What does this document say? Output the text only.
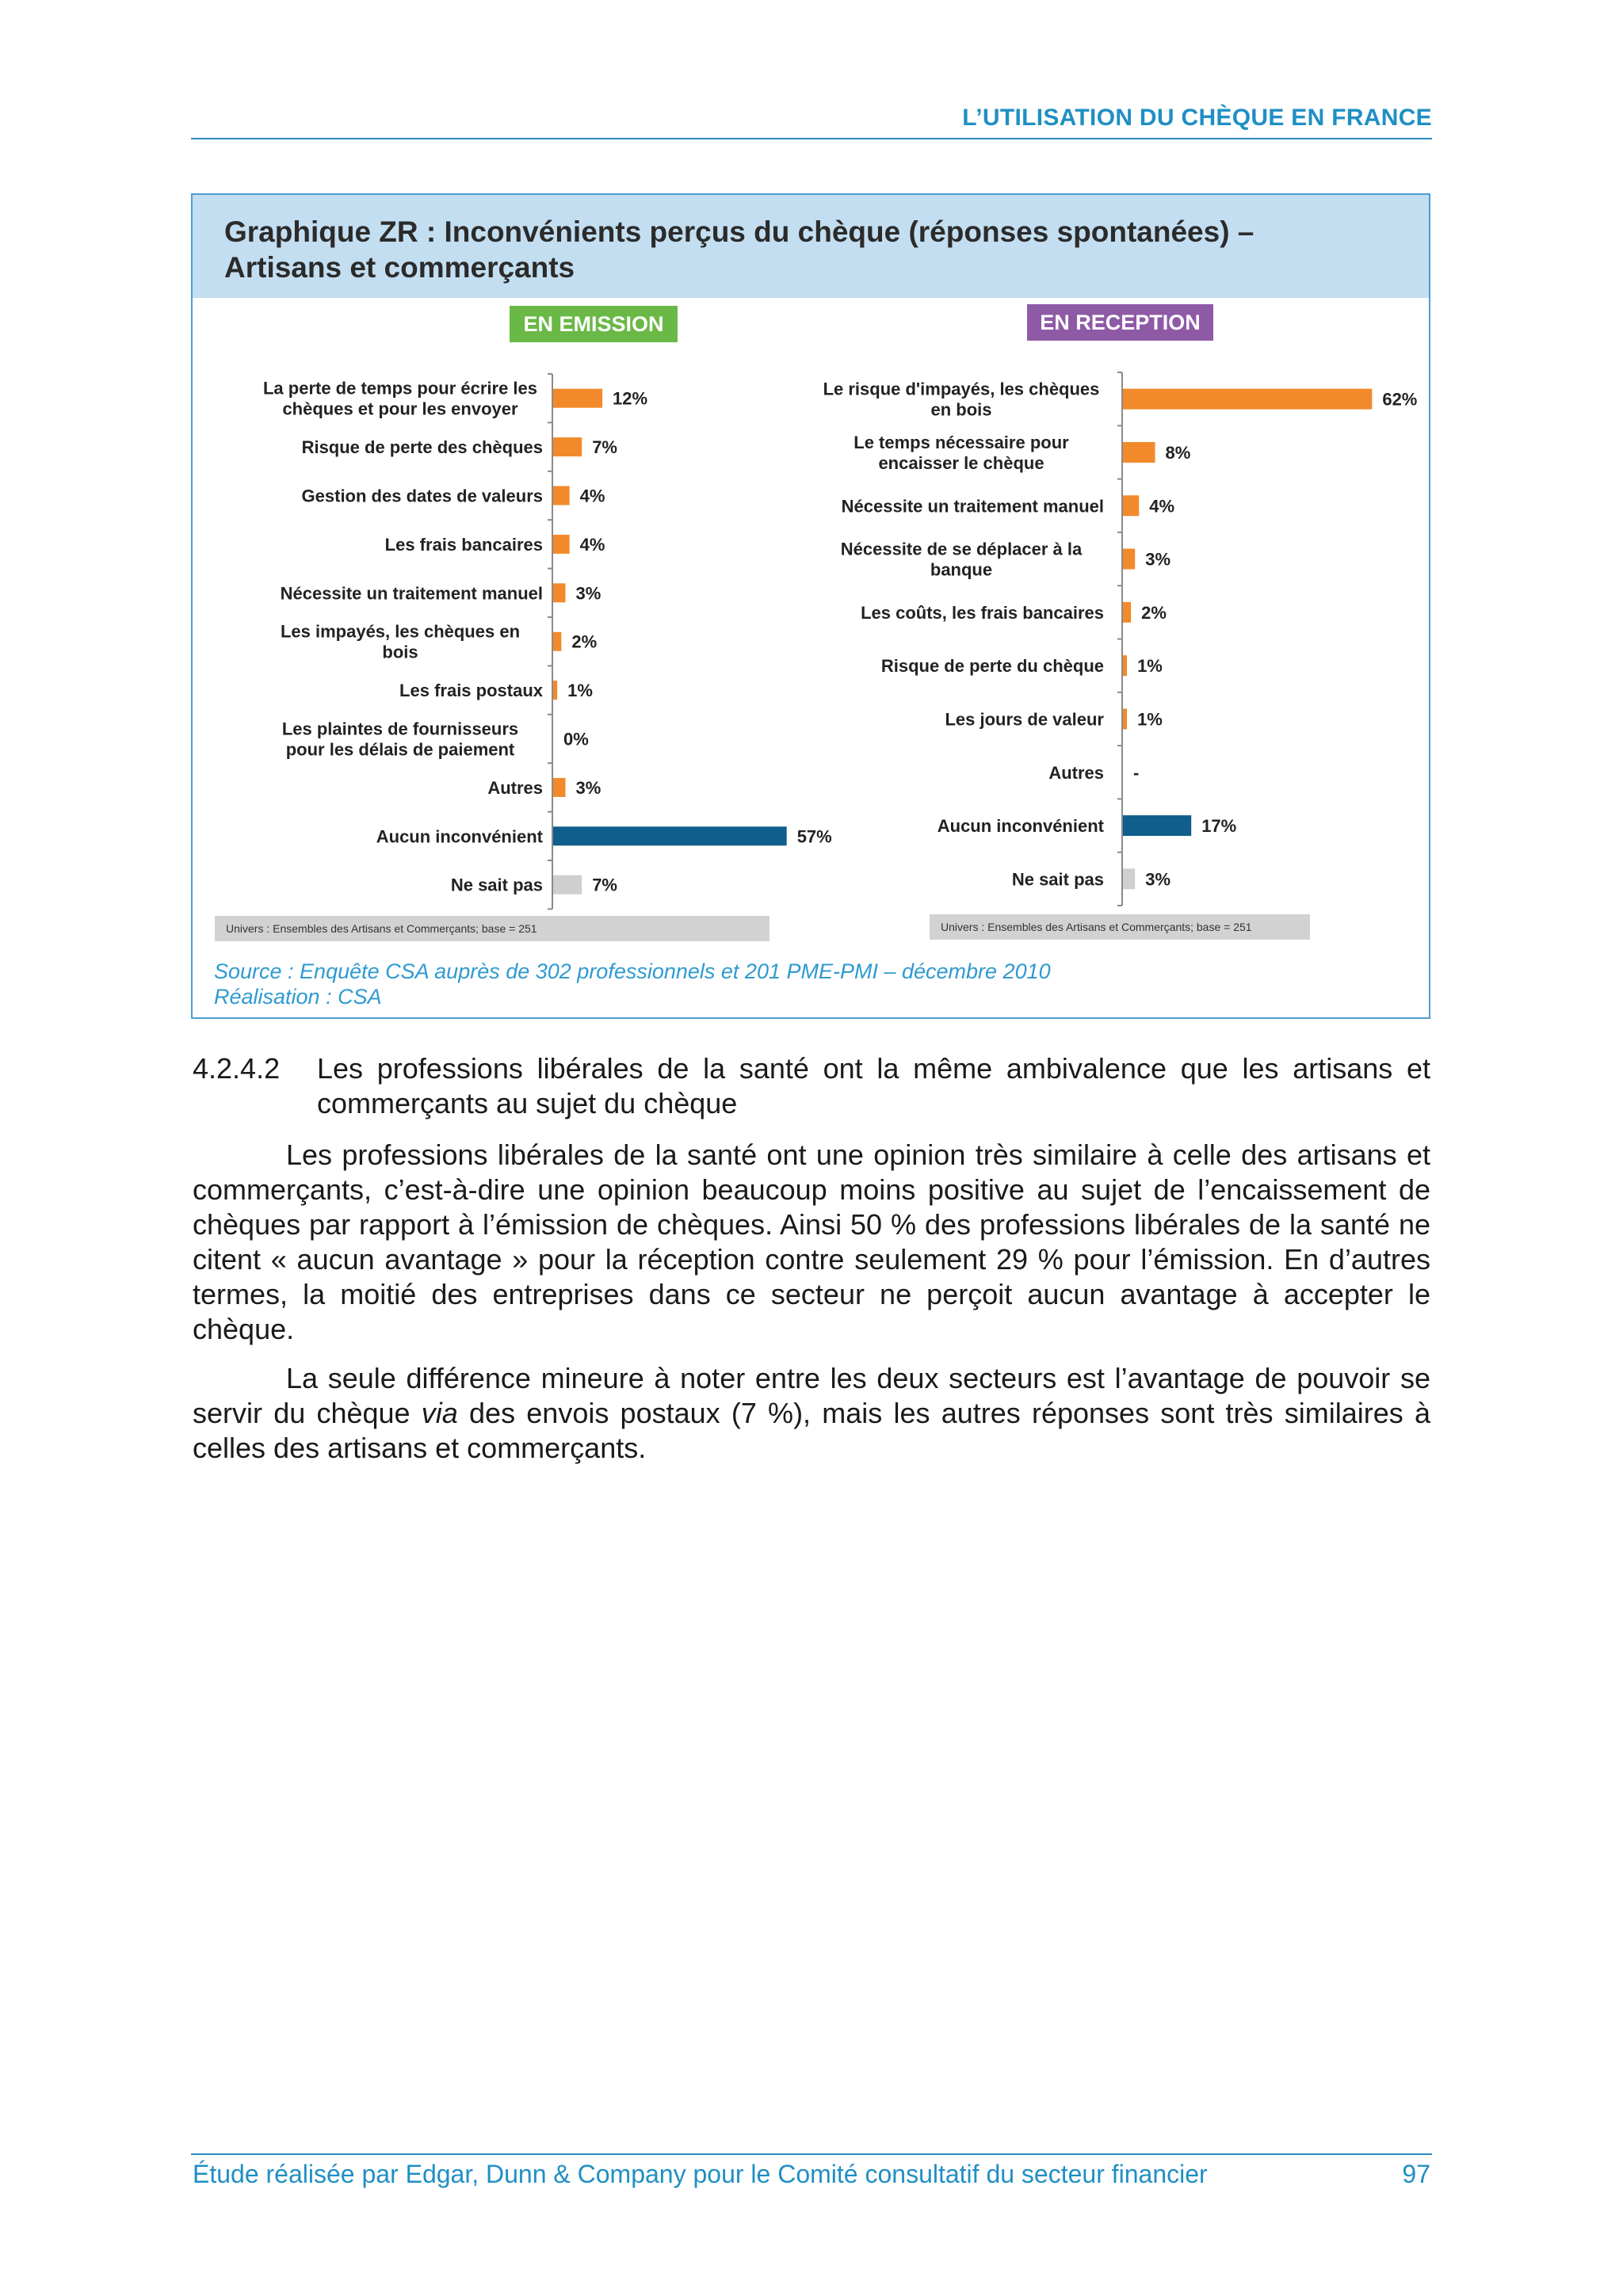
L’UTILISATION DU CHÈQUE EN FRANCE
Graphique ZR : Inconvénients perçus du chèque (réponses spontanées) – Artisans et commerçants
12%
La perte de temps pour écrire les chèques et pour les envoyer
7%
Risque de perte des chèques
4%
Gestion des dates de valeurs
4%
Les frais bancaires
3%
Nécessite un traitement manuel
2%
Les impayés, les chèques en bois
1%
Les frais postaux
0%
Les plaintes de fournisseurs pour les délais de paiement
3%
Autres
57%
Aucun inconvénient
7%
Ne sait pas
62%
Le risque d'impayés, les chèques en bois
8%
Le temps nécessaire pour encaisser le chèque
4%
Nécessite un traitement manuel
3%
Nécessite de se déplacer à la banque
2%
Les coûts, les frais bancaires
1%
Risque de perte du chèque
1%
Les jours de valeur
-
Autres
17%
Aucun inconvénient
3%
Ne sait pas
EN EMISSION	EN RECEPTION
Univers : Ensembles des Artisans et Commerçants; base = 251	Univers : Ensembles des Artisans et Commerçants; base = 251
Source : Enquête CSA auprès de 302 professionnels et 201 PME-PMI – décembre 2010
Réalisation : CSA
4.2.4.2 Les professions libérales de la santé ont la même ambivalence que les artisans et commerçants au sujet du chèque
Les professions libérales de la santé ont une opinion très similaire à celle des artisans et commerçants, c’est-à-dire une opinion beaucoup moins positive au sujet de l’encaissement de chèques par rapport à l’émission de chèques. Ainsi 50 % des professions libérales de la santé ne citent « aucun avantage » pour la réception contre seulement 29 % pour l’émission. En d’autres termes, la moitié des entreprises dans ce secteur ne perçoit aucun avantage à accepter le chèque.
La seule différence mineure à noter entre les deux secteurs est l’avantage de pouvoir se servir du chèque via des envois postaux (7 %), mais les autres réponses sont très similaires à celles des artisans et commerçants.
Étude réalisée par Edgar, Dunn & Company pour le Comité consultatif du secteur financier	97
